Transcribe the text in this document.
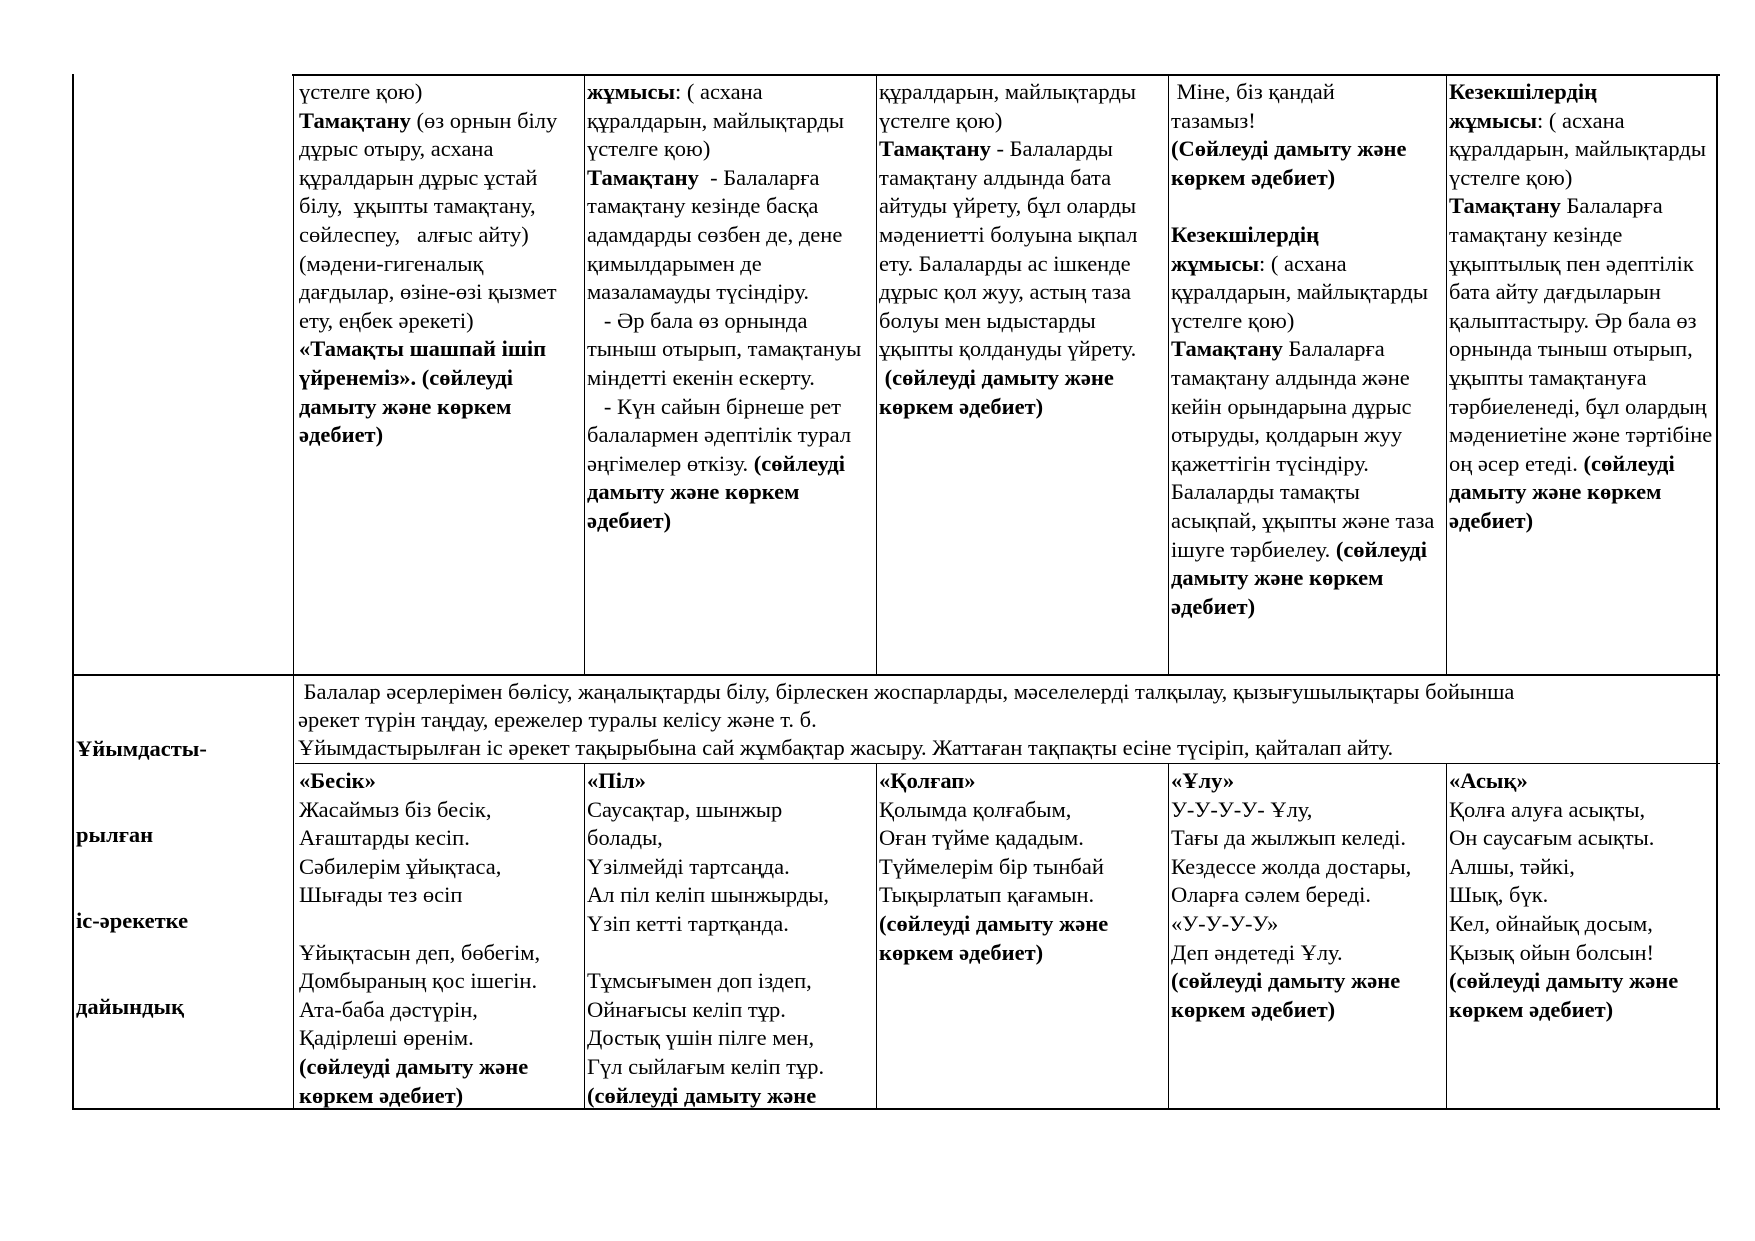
үстелге қою)
Тамақтану (өз орнын білу
дұрыс отыру, асхана
құралдарын дұрыс ұстай
білу,  ұқыпты тамақтану,
сөйлеспеу,   алғыс айту)
(мәдени-гигеналық
дағдылар, өзіне-өзі қызмет
ету, еңбек әрекеті)
«Тамақты шашпай ішіп
үйренеміз». (сөйлеуді
дамыту және көркем
әдебиет)
жұмысы: ( асхана
құралдарын, майлықтарды
үстелге қою)
Тамақтану  - Балаларға
тамақтану кезінде басқа
адамдарды сөзбен де, дене
қимылдарымен де
мазаламауды түсіндіру.
- Әр бала өз орнында
тыныш отырып, тамақтануы
міндетті екенін ескерту.
- Күн сайын бірнеше рет
балалармен әдептілік турал
әңгімелер өткізу. (сөйлеуді
дамыту және көркем
әдебиет)
құралдарын, майлықтарды
үстелге қою)
Тамақтану - Балаларды
тамақтану алдында бата
айтуды үйрету, бұл оларды
мәдениетті болуына ықпал
ету. Балаларды ас ішкенде
дұрыс қол жуу, астың таза
болуы мен ыдыстарды
ұқыпты қолдануды үйрету.
(сөйлеуді дамыту және
көркем әдебиет)
Міне, біз қандай
тазамыз!
(Сөйлеуді дамыту және
көркем әдебиет)
Кезекшілердің
жұмысы: ( асхана
құралдарын, майлықтарды
үстелге қою)
Тамақтану Балаларға
тамақтану алдында және
кейін орындарына дұрыс
отыруды, қолдарын жуу
қажеттігін түсіндіру.
Балаларды тамақты
асықпай, ұқыпты және таза
ішуге тәрбиелеу. (сөйлеуді
дамыту және көркем
әдебиет)
Кезекшілердің
жұмысы: ( асхана
құралдарын, майлықтарды
үстелге қою)
Тамақтану Балаларға
тамақтану кезінде
ұқыптылық пен әдептілік
бата айту дағдыларын
қалыптастыру. Әр бала өз
орнында тыныш отырып,
ұқыпты тамақтануға
тәрбиеленеді, бұл олардың
мәдениетіне және тәртібіне
оң әсер етеді. (сөйлеуді
дамыту және көркем
әдебиет)

Ұйымдасты-

рылған

іс-әрекетке

дайындық

Балалар әсерлерімен бөлісу, жаңалықтарды білу, бірлескен жоспарларды, мәселелерді талқылау, қызығушылықтары бойынша
әрекет түрін таңдау, ережелер туралы келісу және т. б.
Ұйымдастырылған іс әрекет тақырыбына сай жұмбақтар жасыру. Жаттаған тақпақты есіне түсіріп, қайталап айту.
«Бесік»
Жасаймыз біз бесік,
Ағаштарды кесіп.
Сәбилерім ұйықтаса,
Шығады тез өсіп
Ұйықтасын деп, бөбегім,
Домбыраның қос ішегін.
Ата-баба дәстүрін,
Қадірлеші өренім.
(сөйлеуді дамыту және
көркем әдебиет)
«Піл»
Саусақтар, шынжыр
болады,
Үзілмейді тартсаңда.
Ал піл келіп шынжырды,
Үзіп кетті тартқанда.
Тұмсығымен доп іздеп,
Ойнағысы келіп тұр.
Достық үшін пілге мен,
Гүл сыйлағым келіп тұр.
(сөйлеуді дамыту және
«Қолғап»
Қолымда қолғабым,
Оған түйме қададым.
Түймелерім бір тынбай
Тықырлатып қағамын.
(сөйлеуді дамыту және
көркем әдебиет)
«Ұлу»
У-У-У-У- Ұлу,
Тағы да жылжып келеді.
Кездессе жолда достары,
Оларға сәлем береді.
«У-У-У-У»
Деп әндетеді Ұлу.
(сөйлеуді дамыту және
көркем әдебиет)
«Асық»
Қолға алуға асықты,
Он саусағым асықты.
Алшы, тәйкі,
Шық, бүк.
Кел, ойнайық досым,
Қызық ойын болсын!
(сөйлеуді дамыту және
көркем әдебиет)
